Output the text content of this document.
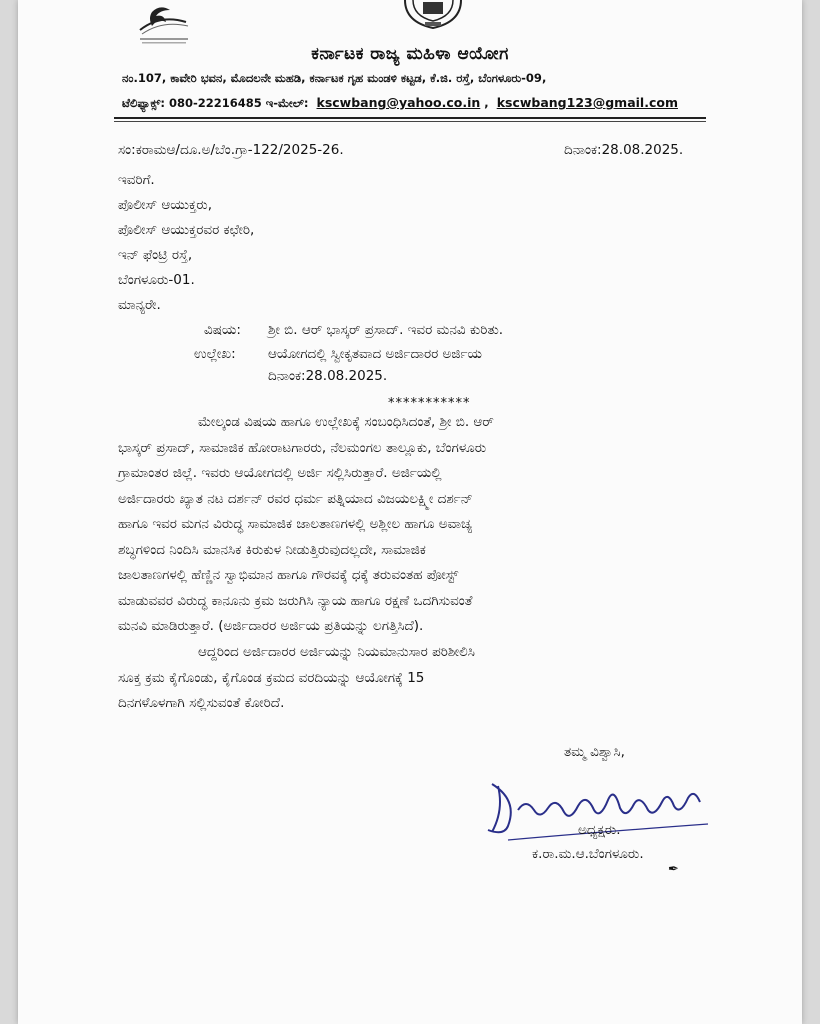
ಕರ್ನಾಟಕ ರಾಜ್ಯ ಮಹಿಳಾ ಆಯೋಗ
ನಂ.107, ಕಾವೇರಿ ಭವನ, ಮೊದಲನೇ ಮಹಡಿ, ಕರ್ನಾಟಕ ಗೃಹ ಮಂಡಳಿ ಕಟ್ಟಡ, ಕೆ.ಜಿ. ರಸ್ತೆ, ಬೆಂಗಳೂರು-09,
ಟೆಲಿಫ್ಯಾಕ್ಸ್: 080-22216485 ಇ-ಮೇಲ್: kscwbang@yahoo.co.in , kscwbang123@gmail.com
ಸಂ:ಕರಾಮಆ/ದೂ.ಅ/ಬೆಂ.ಗ್ರಾ-122/2025-26.	ದಿನಾಂಕ:28.08.2025.
ಇವರಿಗೆ.
ಪೊಲೀಸ್ ಆಯುಕ್ತರು,
ಪೊಲೀಸ್ ಆಯುಕ್ತರವರ ಕಛೇರಿ,
ಇನ್ ಫೆಂಟ್ರಿ ರಸ್ತೆ,
ಬೆಂಗಳೂರು-01.
ಮಾನ್ಯರೇ.
ವಿಷಯ: ಶ್ರೀ ಬಿ. ಆರ್ ಭಾಸ್ಕರ್ ಪ್ರಸಾದ್. ಇವರ ಮನವಿ ಕುರಿತು.
ಉಲ್ಲೇಖ: ಆಯೋಗದಲ್ಲಿ ಸ್ವೀಕೃತವಾದ ಅರ್ಜಿದಾರರ ಅರ್ಜಿಯ
ದಿನಾಂಕ:28.08.2025.
***********
ಮೇಲ್ಕಂಡ ವಿಷಯ ಹಾಗೂ ಉಲ್ಲೇಖಕ್ಕೆ ಸಂಬಂಧಿಸಿದಂತೆ, ಶ್ರೀ ಬಿ. ಆರ್
ಭಾಸ್ಕರ್ ಪ್ರಸಾದ್, ಸಾಮಾಜಿಕ ಹೋರಾಟಗಾರರು, ನೆಲಮಂಗಲ ತಾಲ್ಲೂಕು, ಬೆಂಗಳೂರು
ಗ್ರಾಮಾಂತರ ಜಿಲ್ಲೆ. ಇವರು ಆಯೋಗದಲ್ಲಿ ಅರ್ಜಿ ಸಲ್ಲಿಸಿರುತ್ತಾರೆ. ಅರ್ಜಿಯಲ್ಲಿ
ಅರ್ಜಿದಾರರು ಖ್ಯಾತ ನಟ ದರ್ಶನ್ ರವರ ಧರ್ಮ ಪತ್ನಿಯಾದ ವಿಜಯಲಕ್ಷ್ಮೀ ದರ್ಶನ್
ಹಾಗೂ ಇವರ ಮಗನ ವಿರುದ್ಧ ಸಾಮಾಜಿಕ ಜಾಲತಾಣಗಳಲ್ಲಿ ಅಶ್ಲೀಲ ಹಾಗೂ ಅವಾಚ್ಯ
ಶಬ್ಧಗಳಿಂದ ನಿಂದಿಸಿ ಮಾನಸಿಕ ಕಿರುಕುಳ ನೀಡುತ್ತಿರುವುದಲ್ಲದೇ, ಸಾಮಾಜಿಕ
ಜಾಲತಾಣಗಳಲ್ಲಿ ಹೆಣ್ಣಿನ ಸ್ವಾಭಿಮಾನ ಹಾಗೂ ಗೌರವಕ್ಕೆ ಧಕ್ಕೆ ತರುವಂತಹ ಪೋಸ್ಟ್
ಮಾಡುವವರ ವಿರುದ್ಧ ಕಾನೂನು ಕ್ರಮ ಜರುಗಿಸಿ ನ್ಯಾಯ ಹಾಗೂ ರಕ್ಷಣೆ ಒದಗಿಸುವಂತೆ
ಮನವಿ ಮಾಡಿರುತ್ತಾರೆ. (ಅರ್ಜಿದಾರರ ಅರ್ಜಿಯ ಪ್ರತಿಯನ್ನು ಲಗತ್ತಿಸಿದೆ).
ಆದ್ದರಿಂದ ಅರ್ಜಿದಾರರ ಅರ್ಜಿಯನ್ನು ನಿಯಮಾನುಸಾರ ಪರಿಶೀಲಿಸಿ
ಸೂಕ್ತ ಕ್ರಮ ಕೈಗೊಂಡು, ಕೈಗೊಂಡ ಕ್ರಮದ ವರದಿಯನ್ನು ಆಯೋಗಕ್ಕೆ 15
ದಿನಗಳೊಳಗಾಗಿ ಸಲ್ಲಿಸುವಂತೆ ಕೋರಿದೆ.
ತಮ್ಮ ವಿಶ್ವಾಸಿ,
ಅಧ್ಯಕ್ಷರು.
ಕ.ರಾ.ಮ.ಆ.ಬೆಂಗಳೂರು.
✒
